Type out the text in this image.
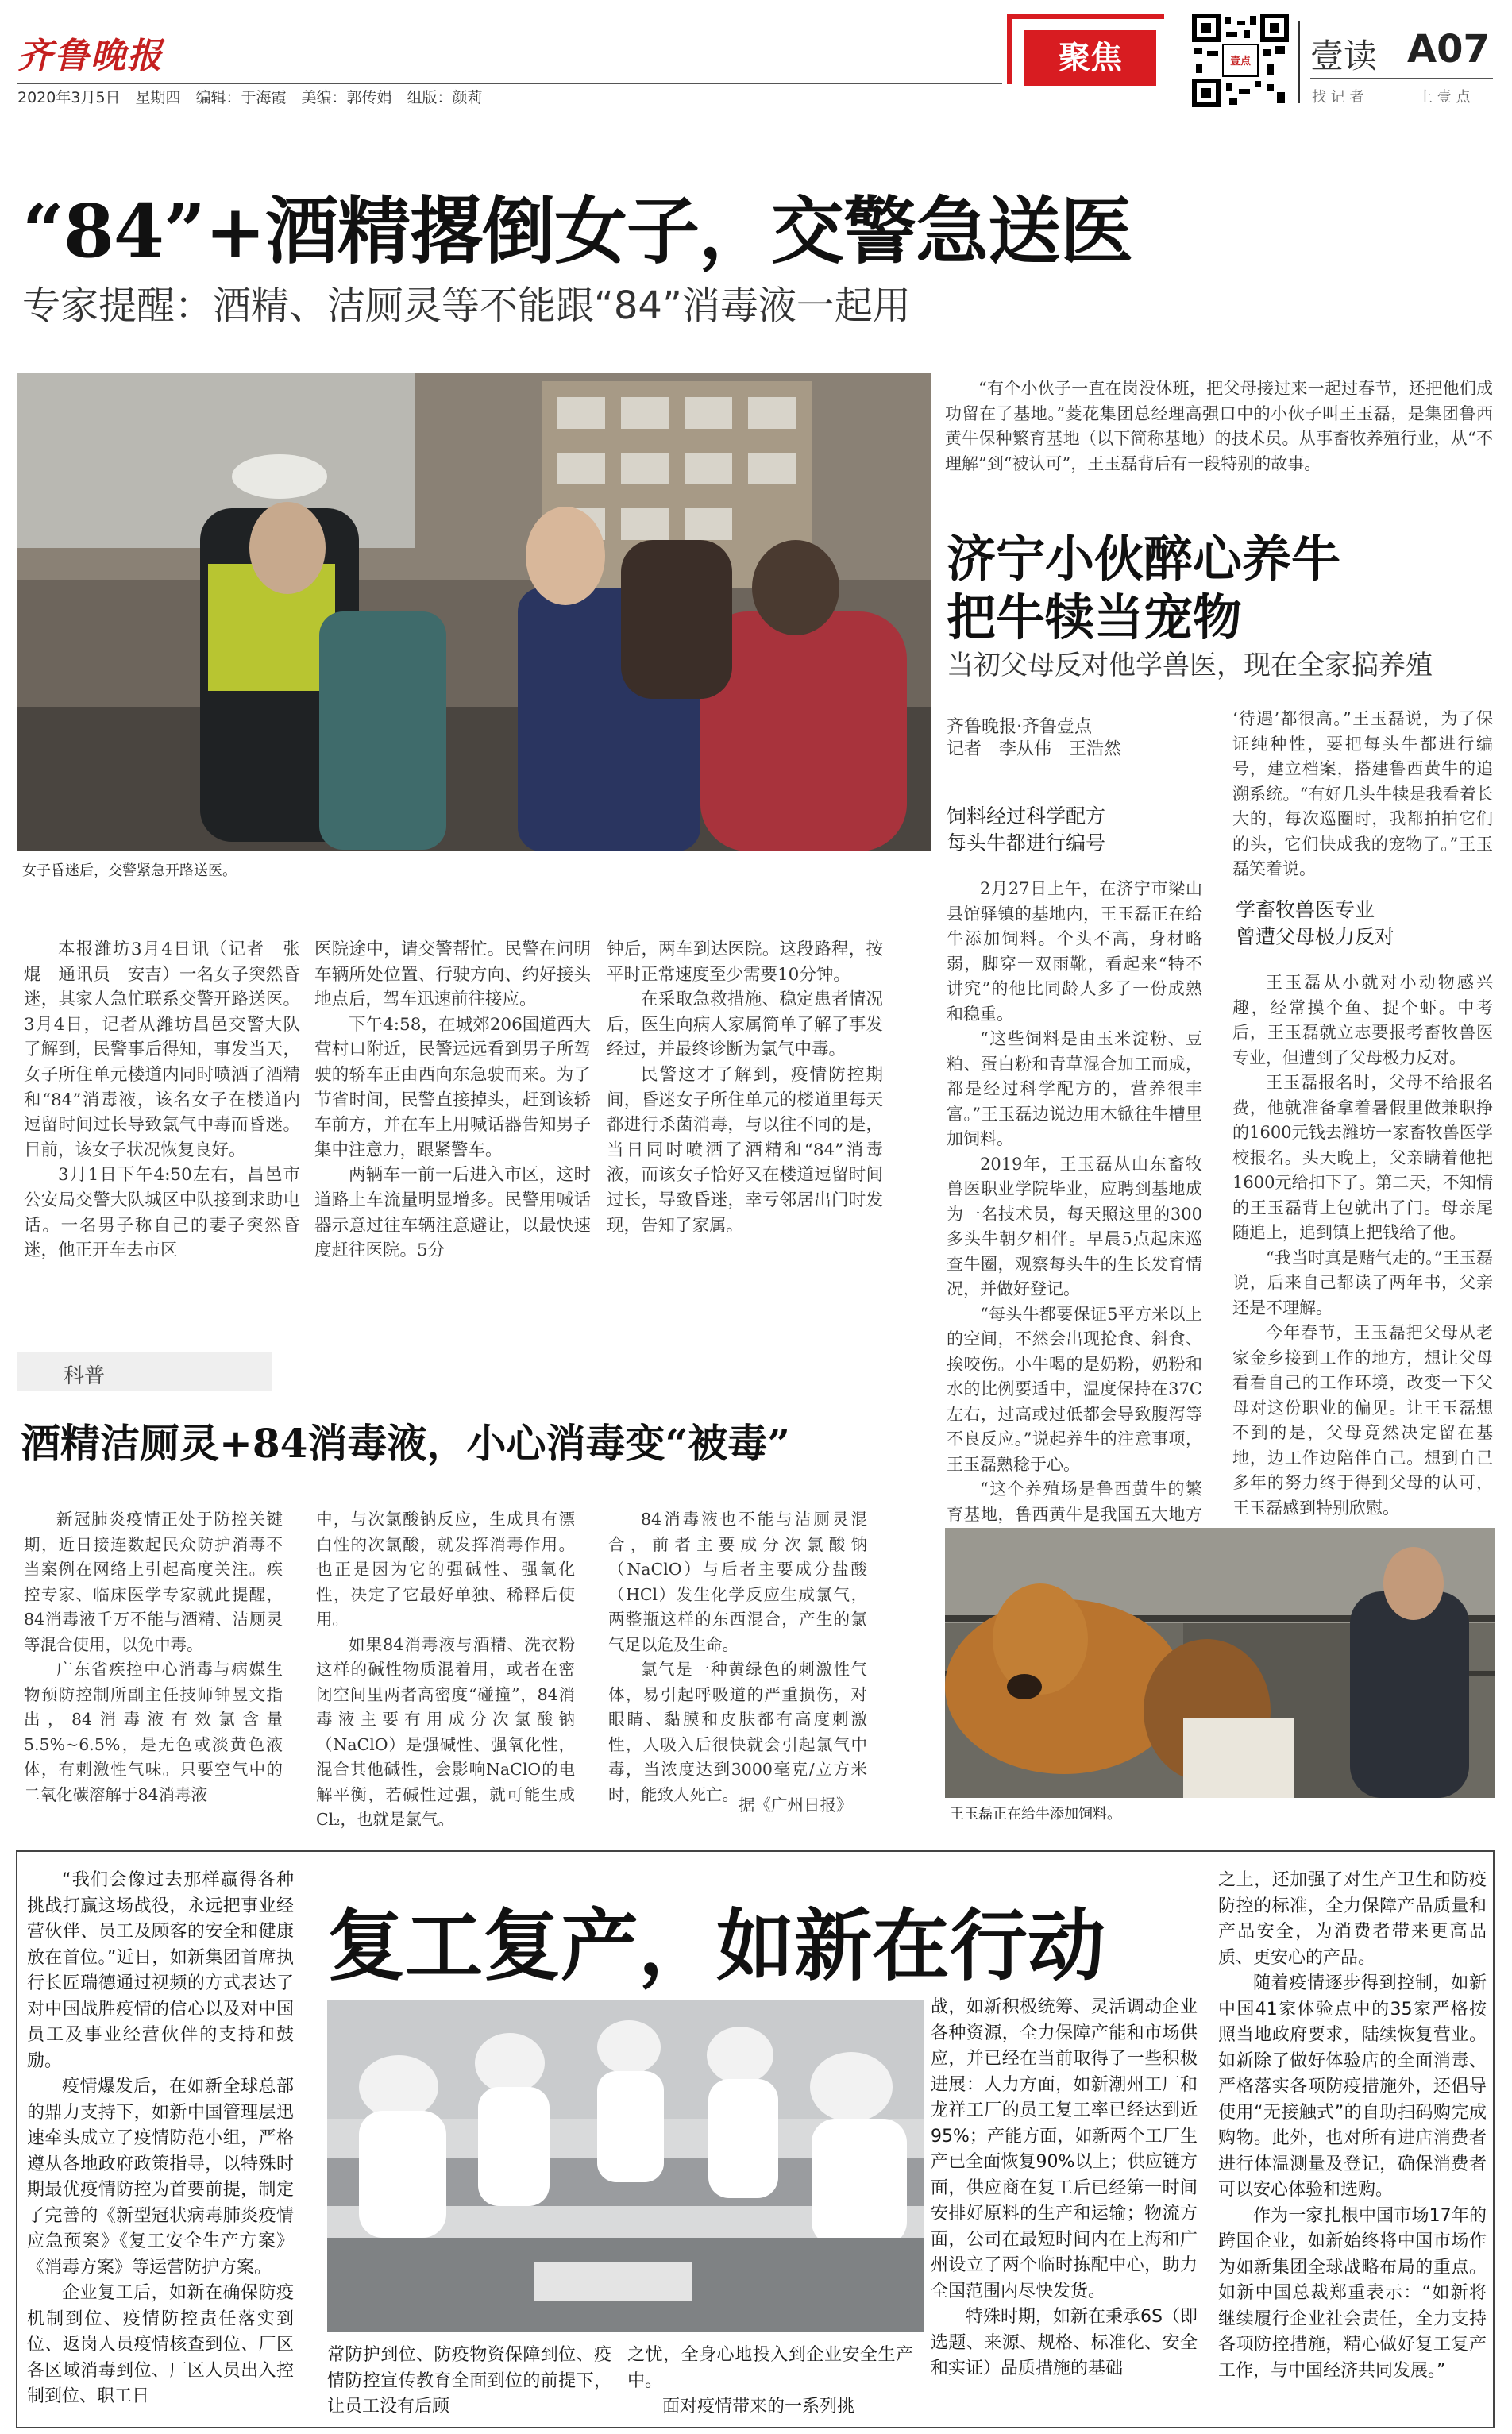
齐鲁晚报
2020年3月5日　星期四　编辑：于海霞　美编：郭传娟　组版：颜莉
聚焦	壹点 壹读 A07
找 记 者	上 壹 点
“84”+酒精撂倒女子，交警急送医
专家提醒：酒精、洁厕灵等不能跟“84”消毒液一起用
女子昏迷后，交警紧急开路送医。

本报潍坊3月4日讯（记者　张焜　通讯员　安吉）一名女子突然昏迷，其家人急忙联系交警开路送医。3月4日，记者从潍坊昌邑交警大队了解到，民警事后得知，事发当天，女子所住单元楼道内同时喷洒了酒精和“84”消毒液，该名女子在楼道内逗留时间过长导致氯气中毒而昏迷。目前，该女子状况恢复良好。

3月1日下午4:50左右，昌邑市公安局交警大队城区中队接到求助电话。一名男子称自己的妻子突然昏迷，他正开车去市区

医院途中，请交警帮忙。民警在问明车辆所处位置、行驶方向、约好接头地点后，驾车迅速前往接应。

下午4:58，在城郊206国道西大营村口附近，民警远远看到男子所驾驶的轿车正由西向东急驶而来。为了节省时间，民警直接掉头，赶到该轿车前方，并在车上用喊话器告知男子集中注意力，跟紧警车。

两辆车一前一后进入市区，这时道路上车流量明显增多。民警用喊话器示意过往车辆注意避让，以最快速度赶往医院。5分

钟后，两车到达医院。这段路程，按平时正常速度至少需要10分钟。

在采取急救措施、稳定患者情况后，医生向病人家属简单了解了事发经过，并最终诊断为氯气中毒。

民警这才了解到，疫情防控期间，昏迷女子所住单元的楼道里每天都进行杀菌消毒，与以往不同的是，当日同时喷洒了酒精和“84”消毒液，而该女子恰好又在楼道逗留时间过长，导致昏迷，幸亏邻居出门时发现，告知了家属。

科普
酒精洁厕灵+84消毒液，小心消毒变“被毒”

新冠肺炎疫情正处于防控关键期，近日接连数起民众防护消毒不当案例在网络上引起高度关注。疾控专家、临床医学专家就此提醒，84消毒液千万不能与酒精、洁厕灵等混合使用，以免中毒。

广东省疾控中心消毒与病媒生物预防控制所副主任技师钟昱文指出，84消毒液有效氯含量5.5%~6.5%，是无色或淡黄色液体，有刺激性气味。只要空气中的二氧化碳溶解于84消毒液

中，与次氯酸钠反应，生成具有漂白性的次氯酸，就发挥消毒作用。也正是因为它的强碱性、强氧化性，决定了它最好单独、稀释后使用。

如果84消毒液与酒精、洗衣粉这样的碱性物质混着用，或者在密闭空间里两者高密度“碰撞”，84消毒液主要有用成分次氯酸钠（NaClO）是强碱性、强氧化性，混合其他碱性，会影响NaClO的电解平衡，若碱性过强，就可能生成Cl₂，也就是氯气。

84消毒液也不能与洁厕灵混合，前者主要成分次氯酸钠（NaClO）与后者主要成分盐酸（HCl）发生化学反应生成氯气，两整瓶这样的东西混合，产生的氯气足以危及生命。

氯气是一种黄绿色的刺激性气体，易引起呼吸道的严重损伤，对眼睛、黏膜和皮肤都有高度刺激性，人吸入后很快就会引起氯气中毒，当浓度达到3000毫克/立方米时，能致人死亡。

据《广州日报》

“有个小伙子一直在岗没休班，把父母接过来一起过春节，还把他们成功留在了基地。”菱花集团总经理高强口中的小伙子叫王玉磊，是集团鲁西黄牛保种繁育基地（以下简称基地）的技术员。从事畜牧养殖行业，从“不理解”到“被认可”，王玉磊背后有一段特别的故事。

济宁小伙醉心养牛
把牛犊当宠物
当初父母反对他学兽医，现在全家搞养殖
齐鲁晚报·齐鲁壹点
记者　李从伟　王浩然
饲料经过科学配方
每头牛都进行编号

2月27日上午，在济宁市梁山县馆驿镇的基地内，王玉磊正在给牛添加饲料。个头不高，身材略弱，脚穿一双雨靴，看起来“特不讲究”的他比同龄人多了一份成熟和稳重。

“这些饲料是由玉米淀粉、豆粕、蛋白粉和青草混合加工而成，都是经过科学配方的，营养很丰富。”王玉磊边说边用木锨往牛槽里加饲料。

2019年，王玉磊从山东畜牧兽医职业学院毕业，应聘到基地成为一名技术员，每天照这里的300多头牛朝夕相伴。早晨5点起床巡查牛圈，观察每头牛的生长发育情况，并做好登记。

“每头牛都要保证5平方米以上的空间，不然会出现抢食、斜食、挨咬伤。小牛喝的是奶粉，奶粉和水的比例要适中，温度保持在37C左右，过高或过低都会导致腹泻等不良反应。”说起养牛的注意事项，王玉磊熟稔于心。

“这个养殖场是鲁西黄牛的繁育基地，鲁西黄牛是我国五大地方

‘待遇’都很高。”王玉磊说，为了保证纯种性，要把每头牛都进行编号，建立档案，搭建鲁西黄牛的追溯系统。“有好几头牛犊是我看着长大的，每次巡圈时，我都拍拍它们的头，它们快成我的宠物了。”王玉磊笑着说。

学畜牧兽医专业
曾遭父母极力反对

王玉磊从小就对小动物感兴趣，经常摸个鱼、捉个虾。中考后，王玉磊就立志要报考畜牧兽医专业，但遭到了父母极力反对。

王玉磊报名时，父母不给报名费，他就准备拿着暑假里做兼职挣的1600元钱去潍坊一家畜牧兽医学校报名。头天晚上，父亲瞒着他把1600元给扣下了。第二天，不知情的王玉磊背上包就出了门。母亲尾随追上，追到镇上把钱给了他。

“我当时真是赌气走的。”王玉磊说，后来自己都读了两年书，父亲还是不理解。

今年春节，王玉磊把父母从老家金乡接到工作的地方，想让父母看看自己的工作环境，改变一下父母对这份职业的偏见。让王玉磊想不到的是，父母竟然决定留在基地，边工作边陪伴自己。想到自己多年的努力终于得到父母的认可，王玉磊感到特别欣慰。

王玉磊正在给牛添加饲料。

“我们会像过去那样赢得各种挑战打赢这场战役，永远把事业经营伙伴、员工及顾客的安全和健康放在首位。”近日，如新集团首席执行长匠瑞德通过视频的方式表达了对中国战胜疫情的信心以及对中国员工及事业经营伙伴的支持和鼓励。

疫情爆发后，在如新全球总部的鼎力支持下，如新中国管理层迅速牵头成立了疫情防范小组，严格遵从各地政府政策指导，以特殊时期最优疫情防控为首要前提，制定了完善的《新型冠状病毒肺炎疫情应急预案》《复工安全生产方案》《消毒方案》等运营防护方案。

企业复工后，如新在确保防疫机制到位、疫情防控责任落实到位、返岗人员疫情核查到位、厂区各区域消毒到位、厂区人员出入控制到位、职工日

复工复产，如新在行动

常防护到位、防疫物资保障到位、疫情防控宣传教育全面到位的前提下，让员工没有后顾

之忧，全身心地投入到企业安全生产中。

面对疫情带来的一系列挑

战，如新积极统筹、灵活调动企业各种资源，全力保障产能和市场供应，并已经在当前取得了一些积极进展：人力方面，如新潮州工厂和龙祥工厂的员工复工率已经达到近95%；产能方面，如新两个工厂生产已全面恢复90%以上；供应链方面，供应商在复工后已经第一时间安排好原料的生产和运输；物流方面，公司在最短时间内在上海和广州设立了两个临时拣配中心，助力全国范围内尽快发货。

特殊时期，如新在秉承6S（即选题、来源、规格、标准化、安全和实证）品质措施的基础

之上，还加强了对生产卫生和防疫防控的标准，全力保障产品质量和产品安全，为消费者带来更高品质、更安心的产品。

随着疫情逐步得到控制，如新中国41家体验点中的35家严格按照当地政府要求，陆续恢复营业。如新除了做好体验店的全面消毒、严格落实各项防疫措施外，还倡导使用“无接触式”的自助扫码购完成购物。此外，也对所有进店消费者进行体温测量及登记，确保消费者可以安心体验和选购。

作为一家扎根中国市场17年的跨国企业，如新始终将中国市场作为如新集团全球战略布局的重点。如新中国总裁郑重表示：“如新将继续履行企业社会责任，全力支持各项防控措施，精心做好复工复产工作，与中国经济共同发展。”
